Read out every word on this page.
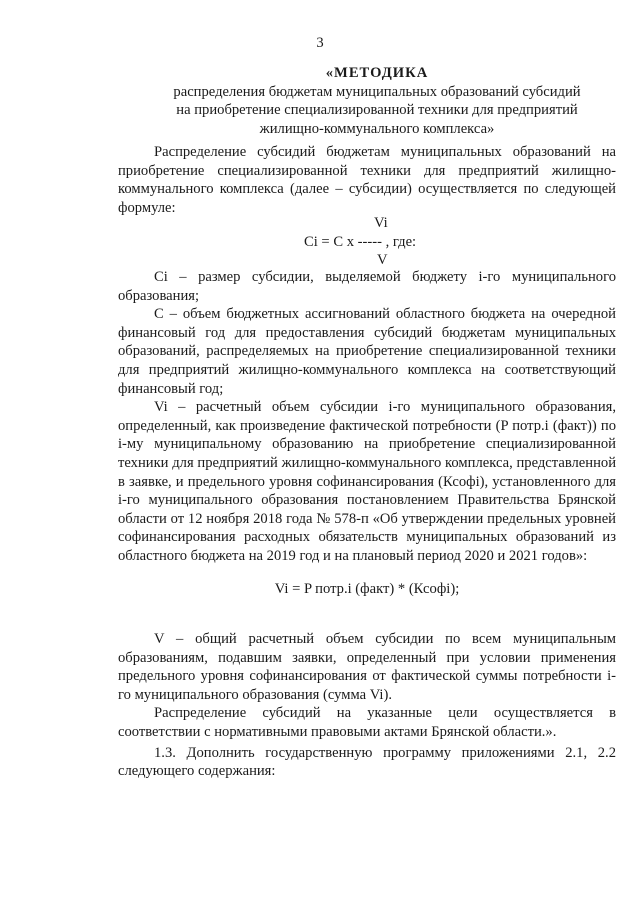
3
«МЕТОДИКА
распределения бюджетам муниципальных образований субсидий
на приобретение специализированной техники для предприятий
жилищно-коммунального комплекса»

Распределение субсидий бюджетам муниципальных образований на приобретение специализированной техники для предприятий жилищно-коммунального комплекса (далее – субсидии) осуществляется по следующей формуле:

Vi
Ci = C x ----- , где:
V

Ci – размер субсидии, выделяемой бюджету i-го муниципального образования;

C – объем бюджетных ассигнований областного бюджета на очередной финансовый год для предоставления субсидий бюджетам муниципальных образований, распределяемых на приобретение специализированной техники для предприятий жилищно-коммунального комплекса на соответствующий финансовый год;

Vi – расчетный объем субсидии i-го муниципального образования, определенный, как произведение фактической потребности (P потр.i (факт)) по i-му муниципальному образованию на приобретение специализированной техники для предприятий жилищно-коммунального комплекса, представленной в заявке, и предельного уровня софинансирования (Ксофi), установленного для i-го муниципального образования постановлением Правительства Брянской области от 12 ноября 2018 года № 578-п «Об утверждении предельных уровней софинансирования расходных обязательств муниципальных образований из областного бюджета на 2019 год и на плановый период 2020 и 2021 годов»:

Vi = P потр.i (факт) * (Ксофi);

V – общий расчетный объем субсидии по всем муниципальным образованиям, подавшим заявки, определенный при условии применения предельного уровня софинансирования от фактической суммы потребности i-го муниципального образования (сумма Vi).

Распределение субсидий на указанные цели осуществляется в соответствии с нормативными правовыми актами Брянской области.».

1.3. Дополнить государственную программу приложениями 2.1, 2.2 следующего содержания:
